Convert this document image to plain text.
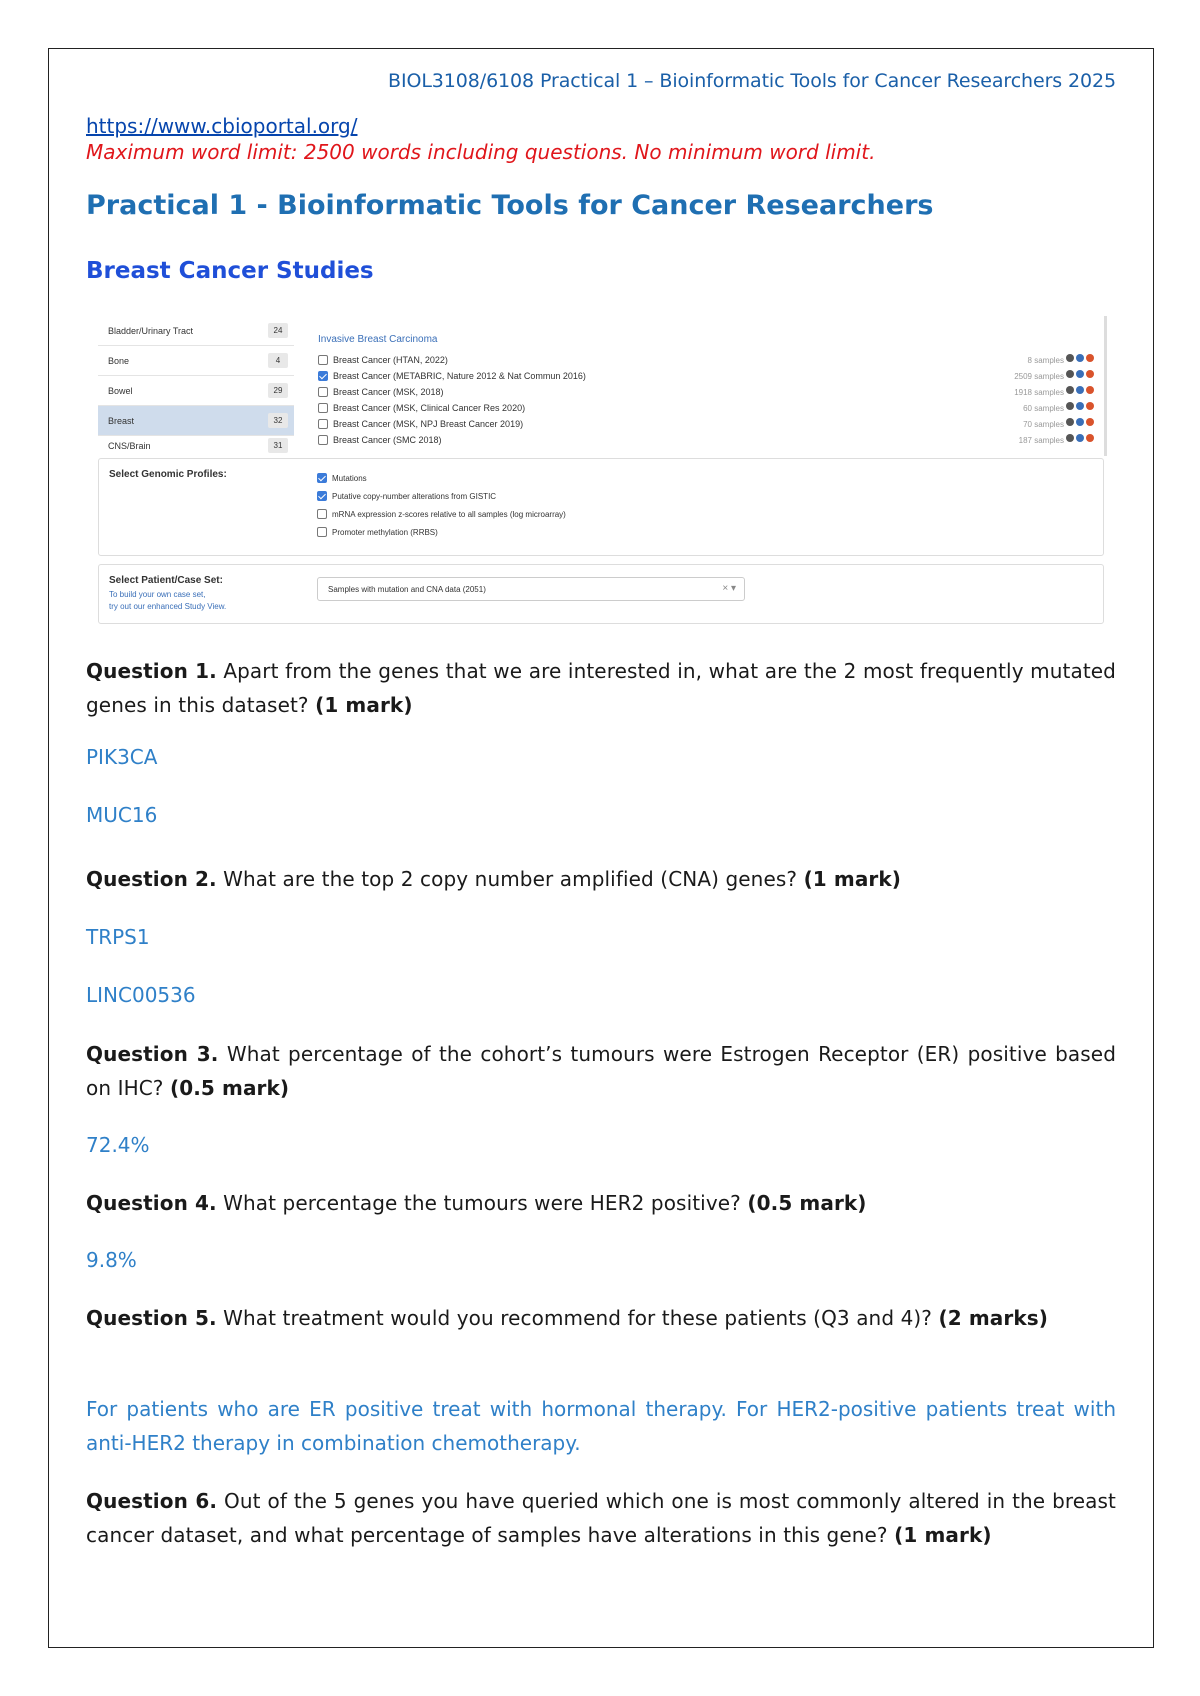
BIOL3108/6108 Practical 1 – Bioinformatic Tools for Cancer Researchers 2025
https://www.cbioportal.org/
Maximum word limit: 2500 words including questions. No minimum word limit.
Practical 1 - Bioinformatic Tools for Cancer Researchers
Breast Cancer Studies
Bladder/Urinary Tract	24
Bone	4
Bowel	29
Breast	32
CNS/Brain	31
Invasive Breast Carcinoma
Breast Cancer (HTAN, 2022)	8 samples
Breast Cancer (METABRIC, Nature 2012 & Nat Commun 2016)	2509 samples
Breast Cancer (MSK, 2018)	1918 samples
Breast Cancer (MSK, Clinical Cancer Res 2020)	60 samples
Breast Cancer (MSK, NPJ Breast Cancer 2019)	70 samples
Breast Cancer (SMC 2018)	187 samples
Select Genomic Profiles:	Mutations
Putative copy-number alterations from GISTIC
mRNA expression z-scores relative to all samples (log microarray)
Promoter methylation (RRBS)
Select Patient/Case Set:
To build your own case set,
try out our enhanced Study View.
Samples with mutation and CNA data (2051)	× ▾

Question 1. Apart from the genes that we are interested in, what are the 2 most frequently mutated genes in this dataset? (1 mark)

PIK3CA

MUC16

Question 2. What are the top 2 copy number amplified (CNA) genes? (1 mark)

TRPS1

LINC00536

Question 3. What percentage of the cohort’s tumours were Estrogen Receptor (ER) positive based on IHC? (0.5 mark)

72.4%

Question 4. What percentage the tumours were HER2 positive? (0.5 mark)

9.8%

Question 5. What treatment would you recommend for these patients (Q3 and 4)? (2 marks)

For patients who are ER positive treat with hormonal therapy. For HER2-positive patients treat with anti-HER2 therapy in combination chemotherapy.

Question 6. Out of the 5 genes you have queried which one is most commonly altered in the breast cancer dataset, and what percentage of samples have alterations in this gene? (1 mark)
